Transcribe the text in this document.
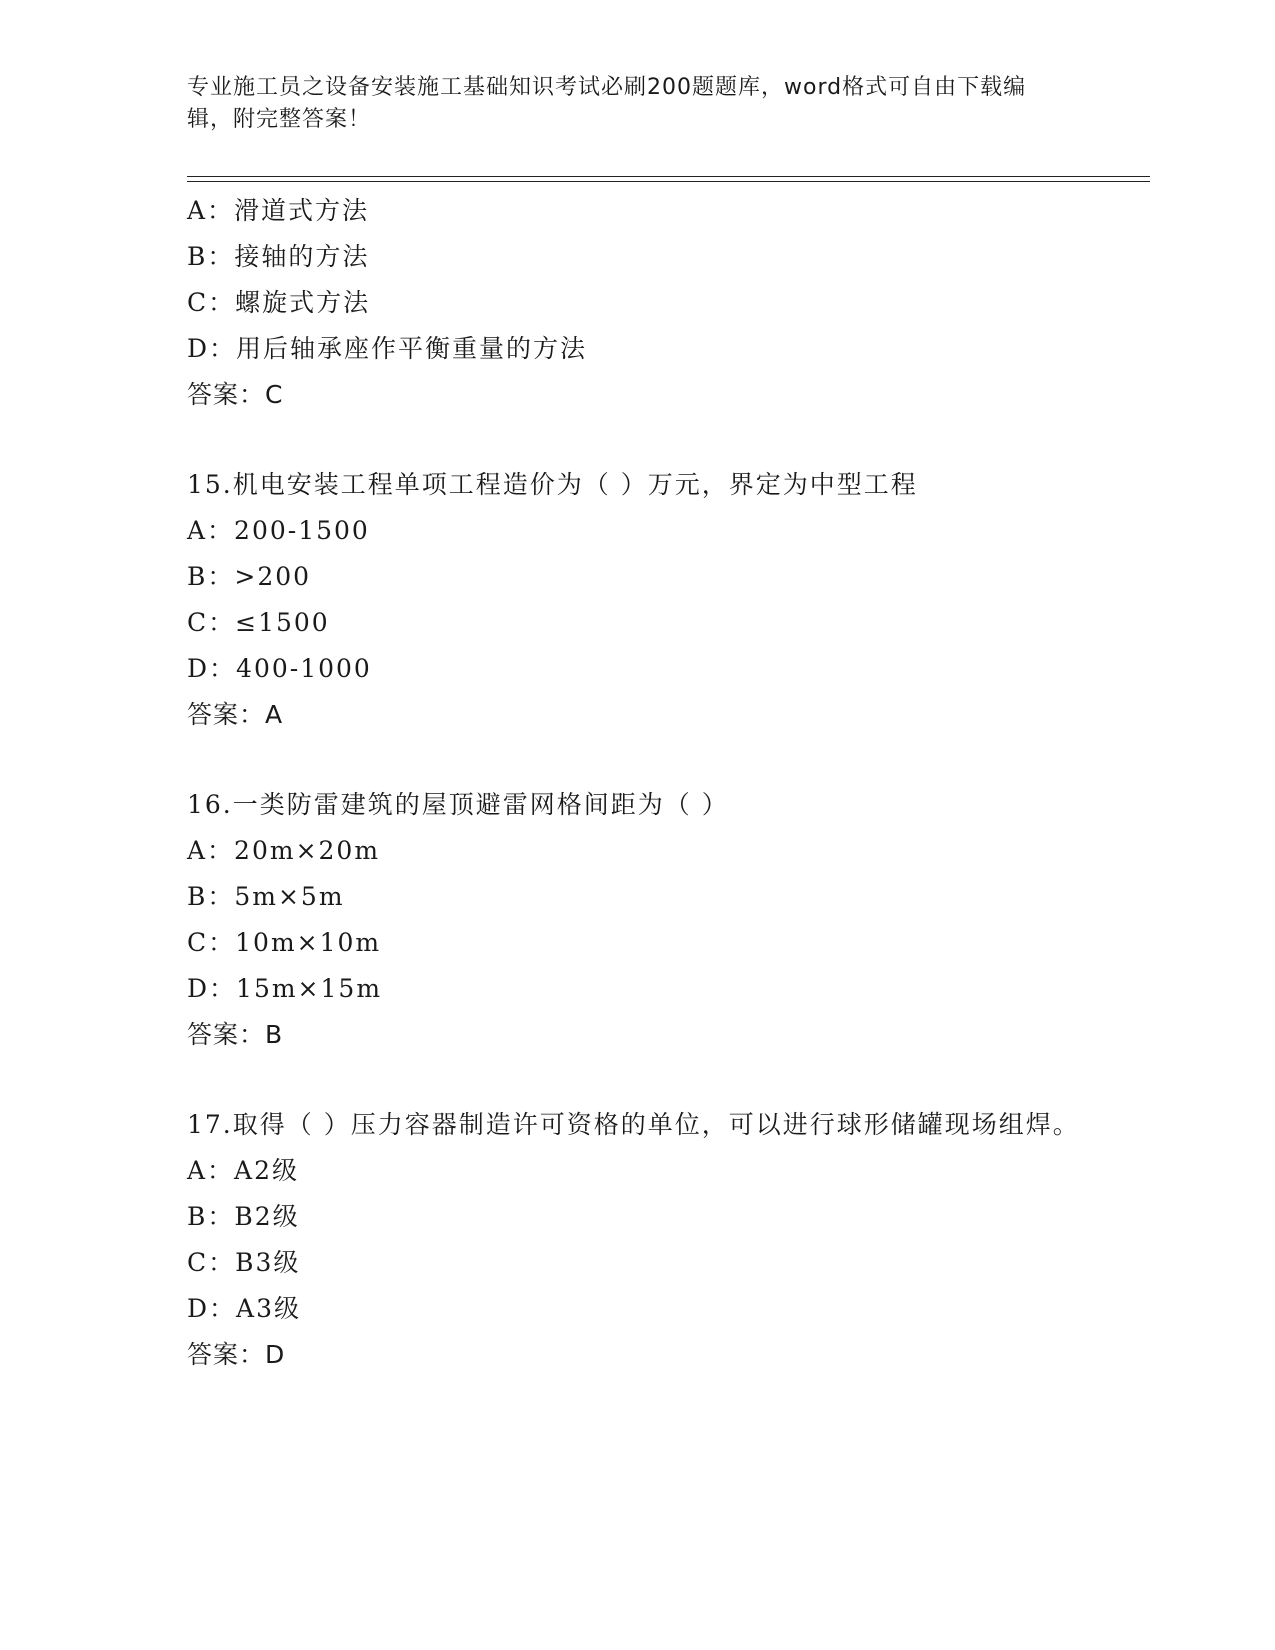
专业施工员之设备安装施工基础知识考试必刷200题题库，word格式可自由下载编辑，附完整答案！
A：滑道式方法
B：接轴的方法
C：螺旋式方法
D：用后轴承座作平衡重量的方法
答案：C
15.机电安装工程单项工程造价为（ ）万元，界定为中型工程
A：200-1500
B：>200
C：≤1500
D：400-1000
答案：A
16.一类防雷建筑的屋顶避雷网格间距为（ ）
A：20m×20m
B：5m×5m
C：10m×10m
D：15m×15m
答案：B
17.取得（ ）压力容器制造许可资格的单位，可以进行球形储罐现场组焊。
A：A2级
B：B2级
C：B3级
D：A3级
答案：D
